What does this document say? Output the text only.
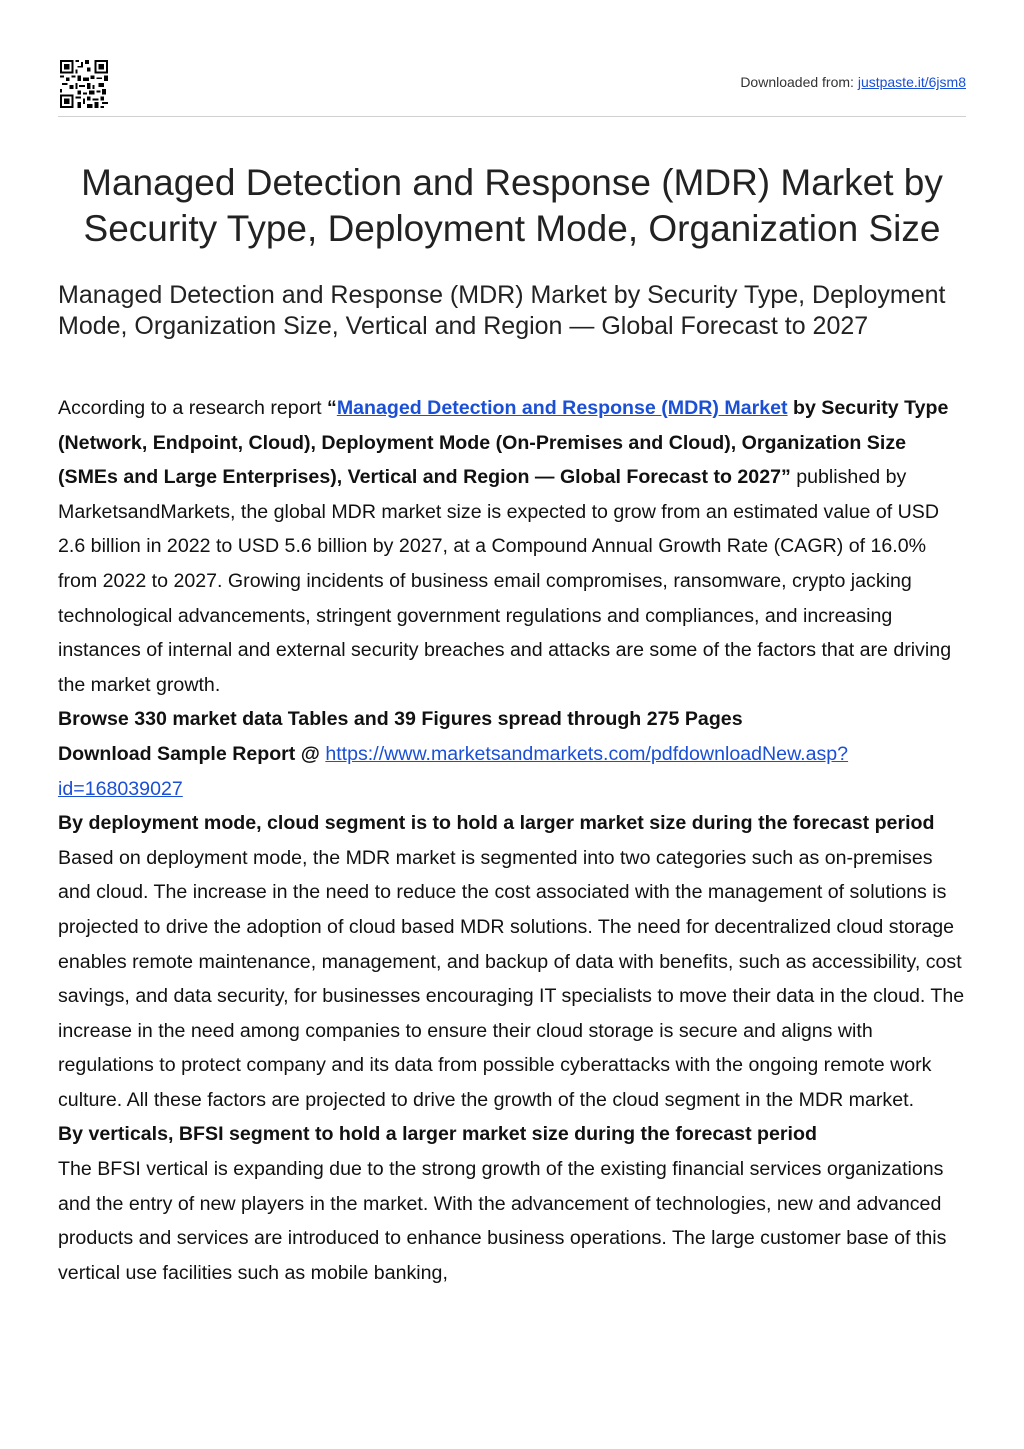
Downloaded from: justpaste.it/6jsm8
Managed Detection and Response (MDR) Market by Security Type, Deployment Mode, Organization Size
Managed Detection and Response (MDR) Market by Security Type, Deployment Mode, Organization Size, Vertical and Region — Global Forecast to 2027

According to a research report “Managed Detection and Response (MDR) Market by Security Type (Network, Endpoint, Cloud), Deployment Mode (On-Premises and Cloud), Organization Size (SMEs and Large Enterprises), Vertical and Region — Global Forecast to 2027” published by MarketsandMarkets, the global MDR market size is expected to grow from an estimated value of USD 2.6 billion in 2022 to USD 5.6 billion by 2027, at a Compound Annual Growth Rate (CAGR) of 16.0% from 2022 to 2027. Growing incidents of business email compromises, ransomware, crypto jacking technological advancements, stringent government regulations and compliances, and increasing instances of internal and external security breaches and attacks are some of the factors that are driving the market growth.

Browse 330 market data Tables and 39 Figures spread through 275 Pages

Download Sample Report @ https://www.marketsandmarkets.com/pdfdownloadNew.asp?id=168039027

By deployment mode, cloud segment is to hold a larger market size during the forecast period

Based on deployment mode, the MDR market is segmented into two categories such as on-premises and cloud. The increase in the need to reduce the cost associated with the management of solutions is projected to drive the adoption of cloud based MDR solutions. The need for decentralized cloud storage enables remote maintenance, management, and backup of data with benefits, such as accessibility, cost savings, and data security, for businesses encouraging IT specialists to move their data in the cloud. The increase in the need among companies to ensure their cloud storage is secure and aligns with regulations to protect company and its data from possible cyberattacks with the ongoing remote work culture. All these factors are projected to drive the growth of the cloud segment in the MDR market.

By verticals, BFSI segment to hold a larger market size during the forecast period

The BFSI vertical is expanding due to the strong growth of the existing financial services organizations and the entry of new players in the market. With the advancement of technologies, new and advanced products and services are introduced to enhance business operations. The large customer base of this vertical use facilities such as mobile banking,
